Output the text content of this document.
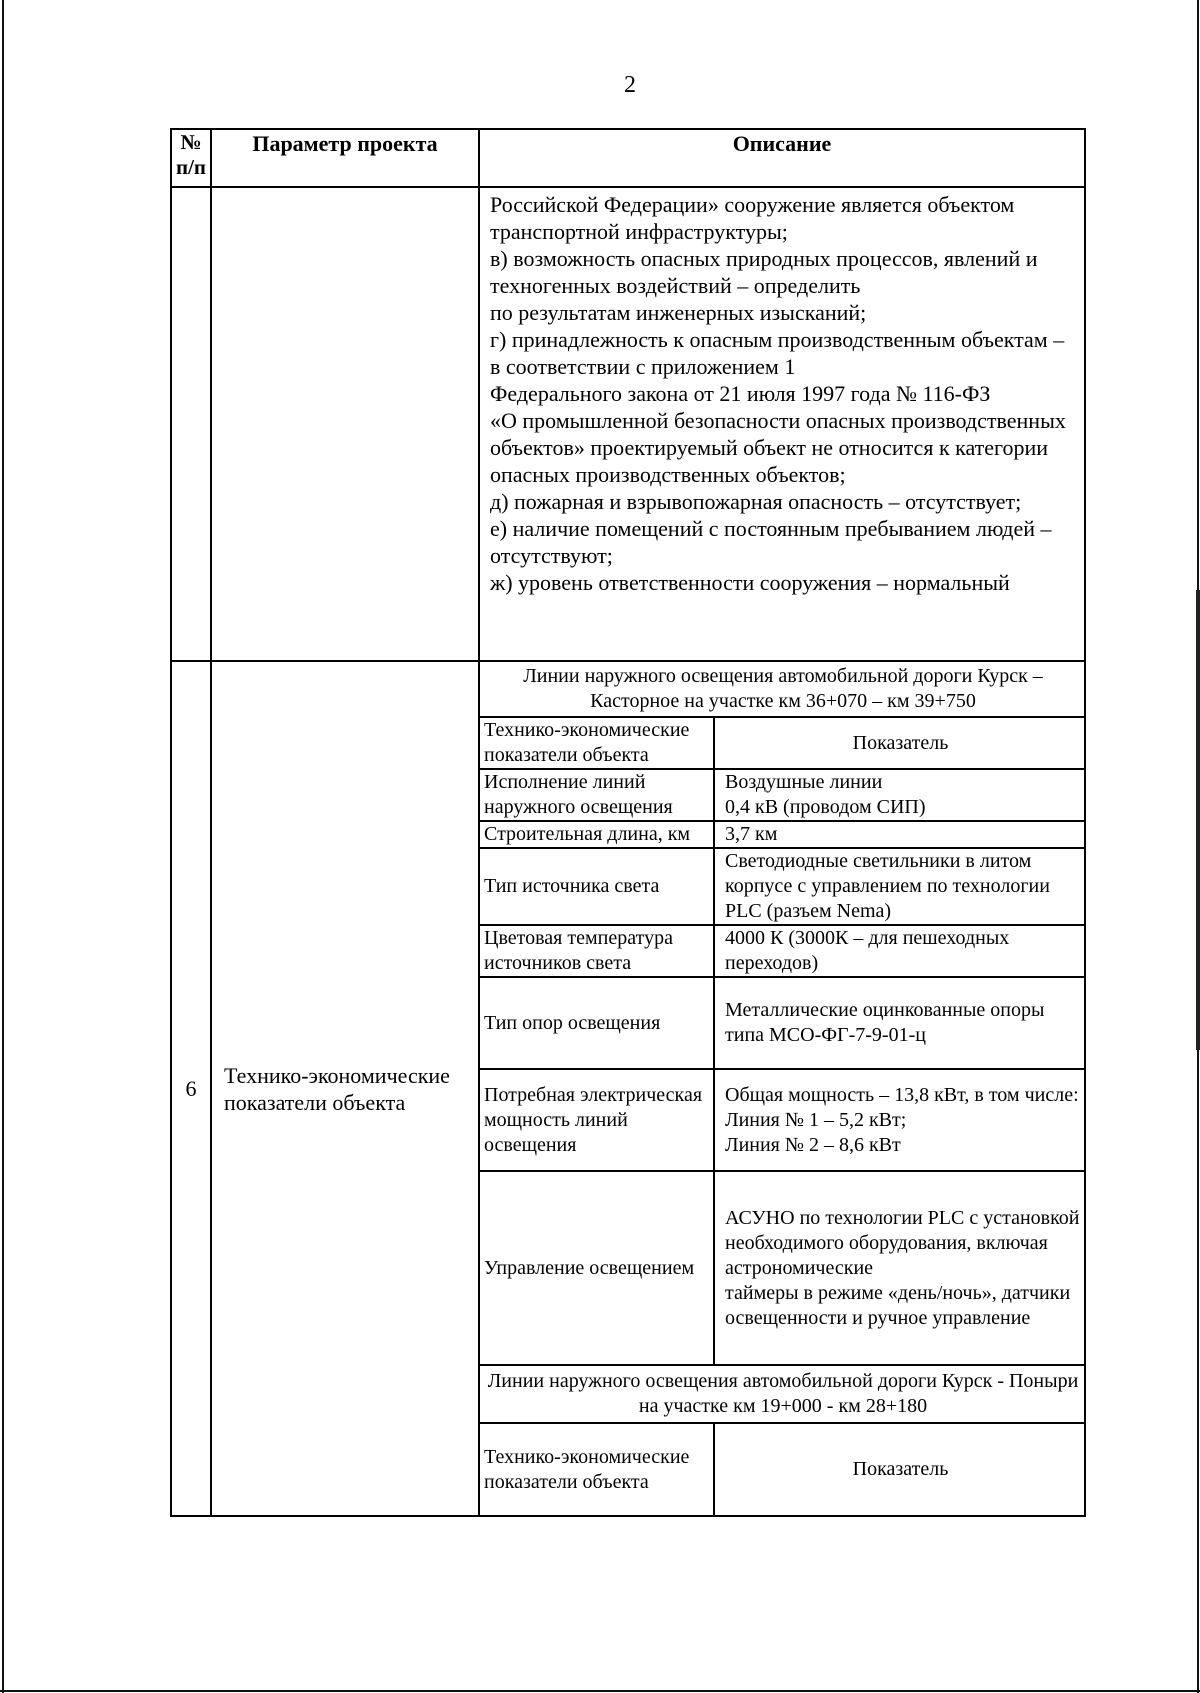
2
№ п/п	Параметр проекта	Описание

Российской Федерации» сооружение является объектом транспортной инфраструктуры;
в) возможность опасных природных процессов, явлений и техногенных воздействий – определить
по результатам инженерных изысканий;
г) принадлежность к опасным производственным объектам – в соответствии с приложением 1
Федерального закона от 21 июля 1997 года № 116-ФЗ
«О промышленной безопасности опасных производственных объектов» проектируемый объект не относится к категории опасных производственных объектов;
д) пожарная и взрывопожарная опасность – отсутствует;
е) наличие помещений с постоянным пребыванием людей – отсутствуют;
ж) уровень ответственности сооружения – нормальный

6	Технико-экономические показатели объекта	
Линии наружного освещения автомобильной дороги Курск – Касторное на участке км 36+070 – км 39+750
Технико-экономические показатели объекта	Показатель
Исполнение линий наружного освещения	Воздушные линии
0,4 кВ (проводом СИП)
Строительная длина, км	3,7 км
Тип источника света	Светодиодные светильники в литом корпусе с управлением по технологии PLC (разъем Nema)
Цветовая температура источников света	4000 К (3000К – для пешеходных переходов)
Тип опор освещения	Металлические оцинкованные опоры типа МСО-ФГ-7-9-01-ц
Потребная электрическая мощность линий освещения	Общая мощность – 13,8 кВт, в том числе:
Линия № 1 – 5,2 кВт;
Линия № 2 – 8,6 кВт
Управление освещением	АСУНО по технологии PLC с установкой необходимого оборудования, включая астрономические
таймеры в режиме «день/ночь», датчики освещенности и ручное управление
Линии наружного освещения автомобильной дороги Курск - Поныри на участке км 19+000 - км 28+180
Технико-экономические показатели объекта	Показатель
